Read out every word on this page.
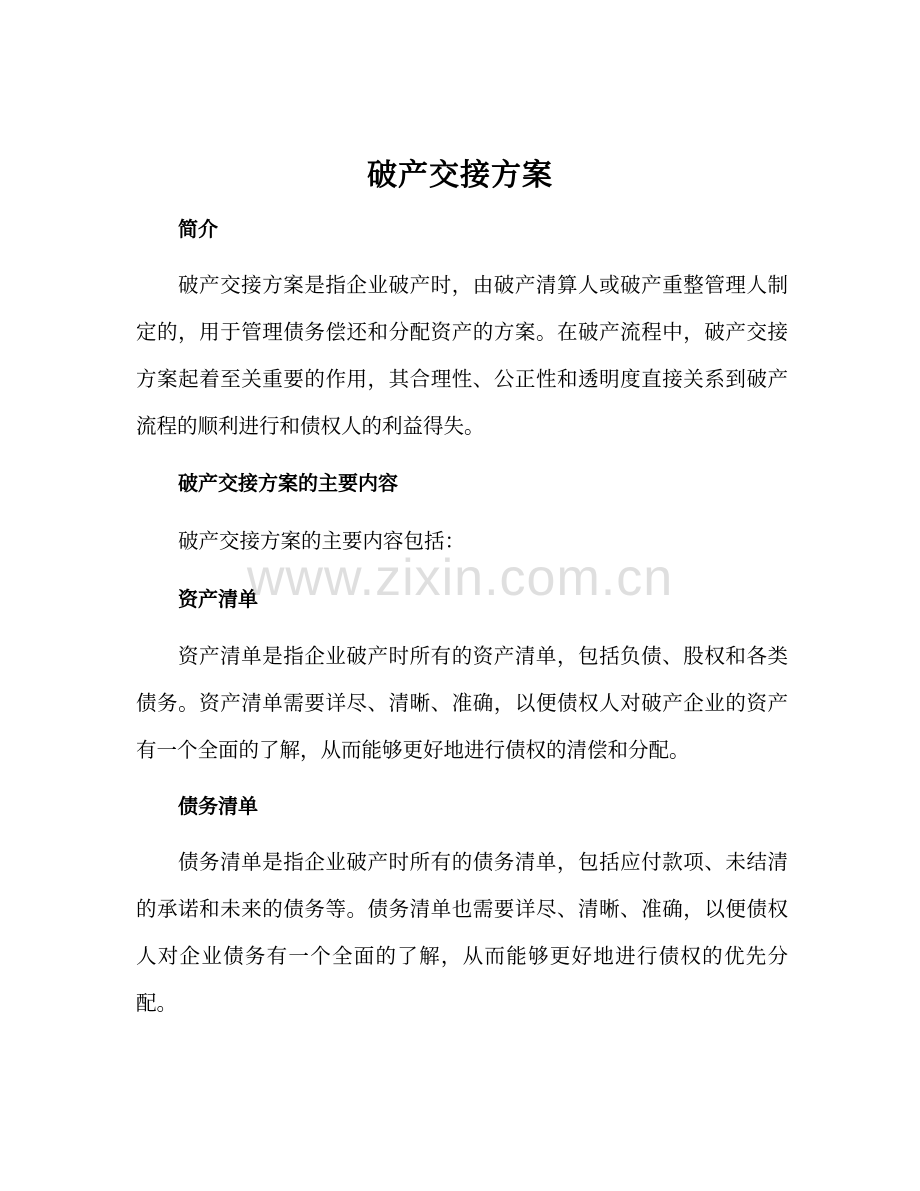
破产交接方案
简介

破产交接方案是指企业破产时，由破产清算人或破产重整管理人制定的，用于管理债务偿还和分配资产的方案。在破产流程中，破产交接方案起着至关重要的作用，其合理性、公正性和透明度直接关系到破产流程的顺利进行和债权人的利益得失。

破产交接方案的主要内容

破产交接方案的主要内容包括：

资产清单

资产清单是指企业破产时所有的资产清单，包括负债、股权和各类债务。资产清单需要详尽、清晰、准确，以便债权人对破产企业的资产有一个全面的了解，从而能够更好地进行债权的清偿和分配。

债务清单

债务清单是指企业破产时所有的债务清单，包括应付款项、未结清的承诺和未来的债务等。债务清单也需要详尽、清晰、准确，以便债权人对企业债务有一个全面的了解，从而能够更好地进行债权的优先分配。

www.zixin.com.cn
